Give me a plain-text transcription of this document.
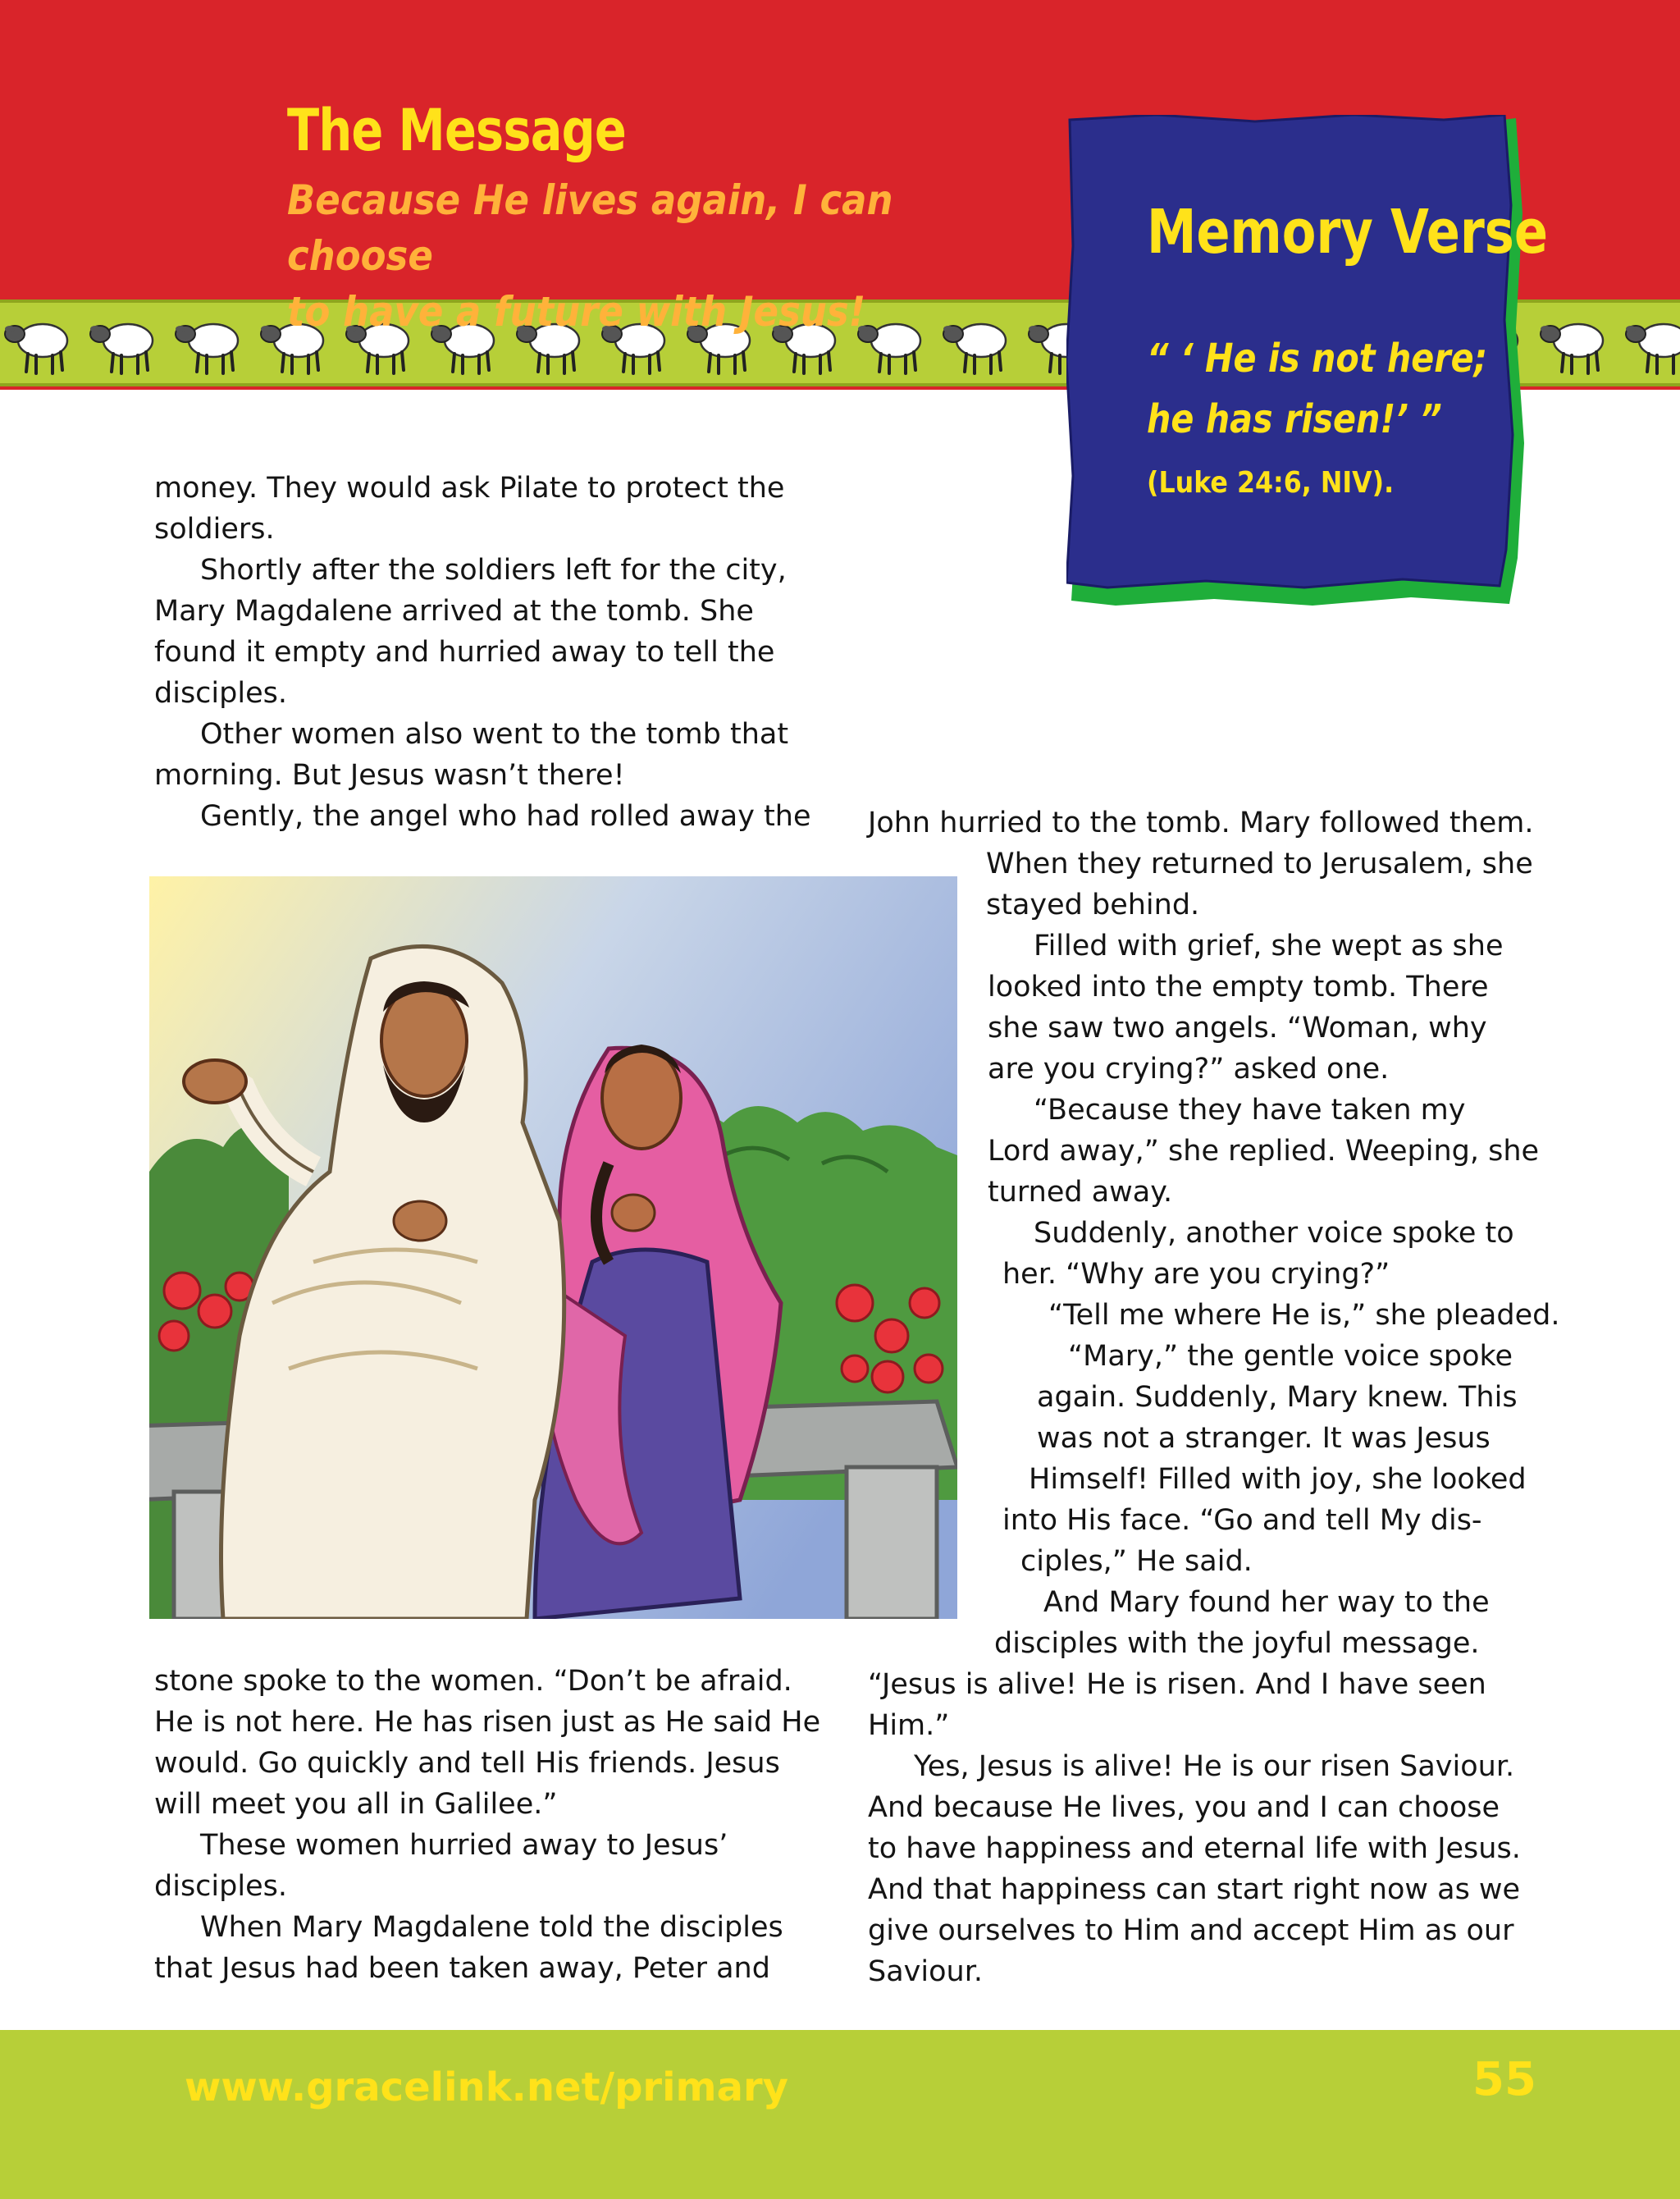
The Message
Because He lives again, I can choose
to have a future with Jesus!
Memory Verse
“ ‘ He is not here;
he has risen!’ ”
(Luke 24:6, NIV).
money. They would ask Pilate to protect the
soldiers.
Shortly after the soldiers left for the city,
Mary Magdalene arrived at the tomb. She
found it empty and hurried away to tell the
disciples.
Other women also went to the tomb that
morning. But Jesus wasn’t there!
Gently, the angel who had rolled away the
stone spoke to the women. “Don’t be afraid.
He is not here. He has risen just as He said He
would. Go quickly and tell His friends. Jesus
will meet you all in Galilee.”
These women hurried away to Jesus’
disciples.
When Mary Magdalene told the disciples
that Jesus had been taken away, Peter and
John hurried to the tomb. Mary followed them.
When they returned to Jerusalem, she
stayed behind.
Filled with grief, she wept as she
looked into the empty tomb. There
she saw two angels. “Woman, why
are you crying?” asked one.
“Because they have taken my
Lord away,” she replied. Weeping, she
turned away.
Suddenly, another voice spoke to
her. “Why are you crying?”
“Tell me where He is,” she pleaded.
“Mary,” the gentle voice spoke
again. Suddenly, Mary knew. This
was not a stranger. It was Jesus
Himself! Filled with joy, she looked
into His face. “Go and tell My dis-
ciples,” He said.
And Mary found her way to the
disciples with the joyful message.
“Jesus is alive! He is risen. And I have seen
Him.”
Yes, Jesus is alive! He is our risen Saviour.
And because He lives, you and I can choose
to have happiness and eternal life with Jesus.
And that happiness can start right now as we
give ourselves to Him and accept Him as our
Saviour.
www.gracelink.net/primary	55
